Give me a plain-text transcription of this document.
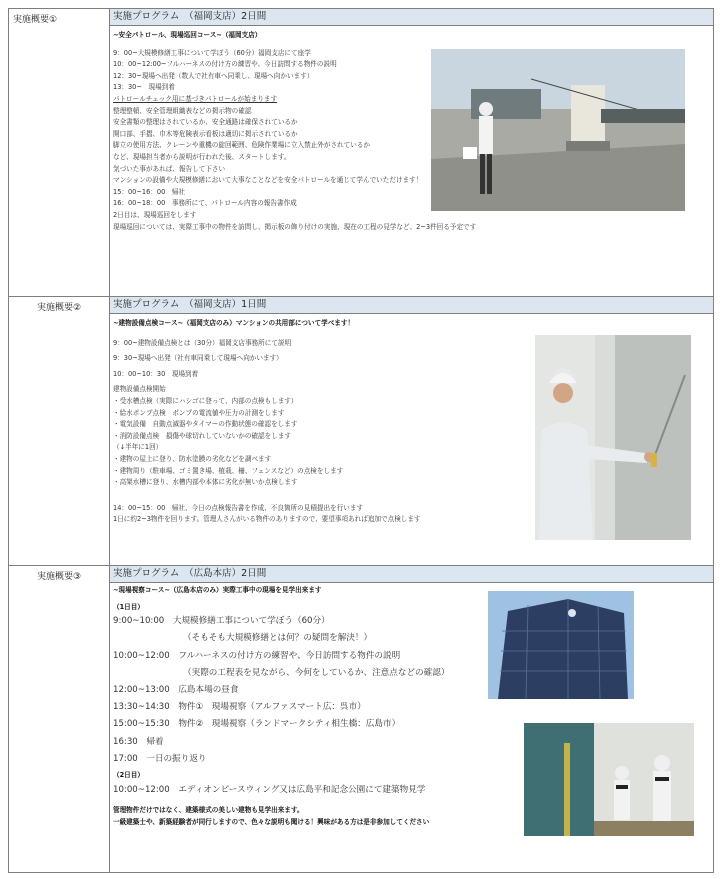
実施概要①	実施プログラム　（福岡支店）2日間
~安全パトロール、現場巡回コース~（福岡支店）
9：00~大規模修繕工事について学ぼう（60分）福岡支店にて座学
10：00~12:00~フルハーネスの付け方の練習や、今日訪問する物件の説明
12：30~現場へ出発（数人で社有車へ同乗し、現場へ向かいます）
13：30~　現場到着
パトロールチェック用に基づきパトロールが始まります
整理整頓、安全管理組織表などの掲示物の確認
安全書類の整理はされているか、安全通路は確保されているか
開口部、手摺、巾木等危険表示看板は適切に掲示されているか
脚立の使用方法、クレーンや重機の旋回範囲、危険作業場に立入禁止外がされているか
など、現場担当者から説明が行われた後、スタートします。
気づいた事があれば、報告して下さい
マンションの設備や大規模修繕において大事なことなどを安全パトロールを通じて学んでいただけます！
15：00~16：00　帰社
16：00~18：00　事務所にて、パトロール内容の報告書作成
2日目は、現場巡回をします
現場巡回については、実際工事中の物件を訪問し、掲示板の飾り付けの実施、現在の工程の見学など、2~3件回る予定です
実施概要②	実施プログラム　（福岡支店）1日間
~建物設備点検コース~（福岡支店のみ）マンションの共用部について学べます！
9：00~建物設備点検とは（30分）福岡支店事務所にて説明
9：30~現場へ出発（社有車同乗して現場へ向かいます）
10：00~10：30　現場到着
建物設備点検開始
・受水槽点検（実際にハシゴに登って、内部の点検もします）
・給水ポンプ点検　ポンプの電流値や圧力の計測をします
・電気設備　自動点滅器やタイマーの作動状態の確認をします
・消防設備点検　損傷や球切れしていないかの確認をします
（↓半年に1回）
・建物の屋上に登り、防水塗膜の劣化などを調べます
・建物周り（駐車場、ゴミ置き場、植栽、柵、フェンスなど）の点検をします
・高架水槽に登り、水槽内部や本体に劣化が無いか点検します
14：00~15：00　帰社、今日の点検報告書を作成、不良箇所の見積提出を行います
1日に約2~3物件を回ります。管理人さんがいる物件のありますので、要望事項あれば追加で点検します
実施概要③	実施プログラム　（広島本店）2日間
~現場視察コース~（広島本店のみ）実際工事中の現場を見学出来ます
（1日目）
9:00~10:00　大規模修繕工事について学ぼう（60分）
（そもそも大規模修繕とは何？の疑問を解決！）
10:00~12:00　フルハーネスの付け方の練習や、今日訪問する物件の説明
（実際の工程表を見ながら、今何をしているか、注意点などの確認）
12:00~13:00　広島本場の昼食
13:30~14:30　物件①　現場視察（アルファスマート広：呉市）
15:00~15:30　物件②　現場視察（ランドマークシティ相生橋：広島市）
16:30　帰着
17:00　一日の振り返り
（2日目）
10:00~12:00　エディオンピースウィング又は広島平和記念公園にて建築物見学
管理物件だけではなく、建築様式の美しい建物も見学出来ます。
一級建築士や、新築経験者が同行しますので、色々な説明も聞ける！興味がある方は是非参加してください
